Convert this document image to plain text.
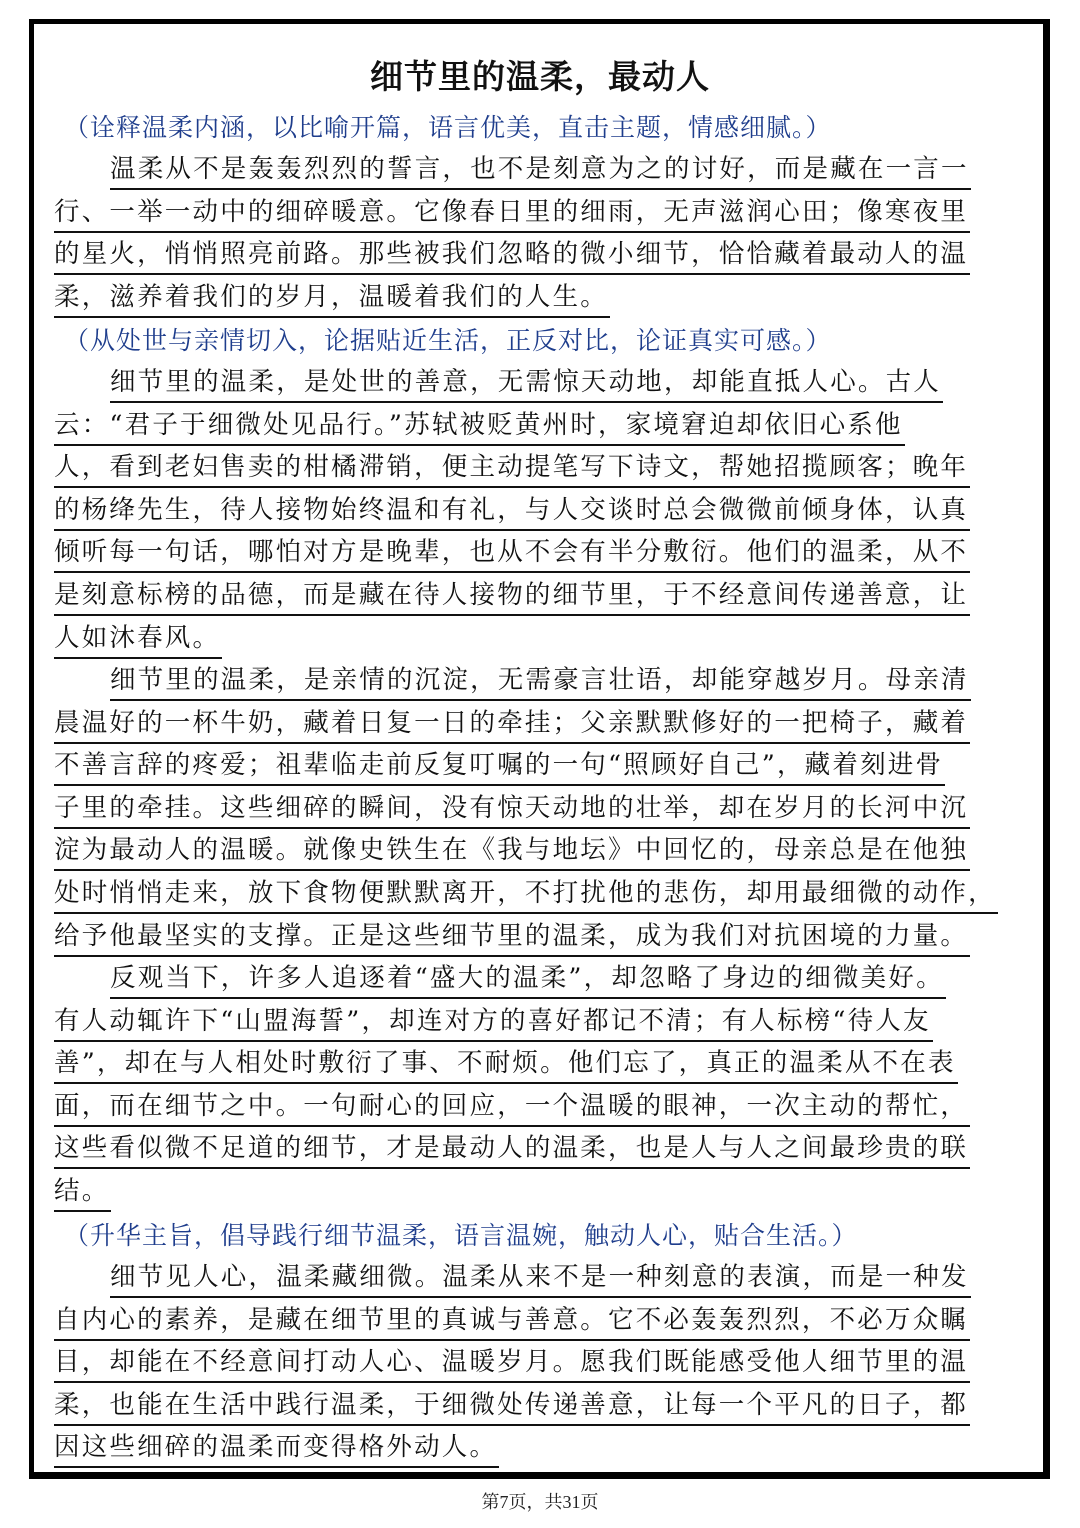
细节里的温柔，最动人
（诠释温柔内涵，以比喻开篇，语言优美，直击主题，情感细腻。）
温柔从不是轰轰烈烈的誓言，也不是刻意为之的讨好，而是藏在一言一
行、一举一动中的细碎暖意。它像春日里的细雨，无声滋润心田；像寒夜里
的星火，悄悄照亮前路。那些被我们忽略的微小细节，恰恰藏着最动人的温
柔，滋养着我们的岁月，温暖着我们的人生。
（从处世与亲情切入，论据贴近生活，正反对比，论证真实可感。）
细节里的温柔，是处世的善意，无需惊天动地，却能直抵人心。古人
云：“君子于细微处见品行。”苏轼被贬黄州时，家境窘迫却依旧心系他
人，看到老妇售卖的柑橘滞销，便主动提笔写下诗文，帮她招揽顾客；晚年
的杨绛先生，待人接物始终温和有礼，与人交谈时总会微微前倾身体，认真
倾听每一句话，哪怕对方是晚辈，也从不会有半分敷衍。他们的温柔，从不
是刻意标榜的品德，而是藏在待人接物的细节里，于不经意间传递善意，让
人如沐春风。
细节里的温柔，是亲情的沉淀，无需豪言壮语，却能穿越岁月。母亲清
晨温好的一杯牛奶，藏着日复一日的牵挂；父亲默默修好的一把椅子，藏着
不善言辞的疼爱；祖辈临走前反复叮嘱的一句“照顾好自己”，藏着刻进骨
子里的牵挂。这些细碎的瞬间，没有惊天动地的壮举，却在岁月的长河中沉
淀为最动人的温暖。就像史铁生在《我与地坛》中回忆的，母亲总是在他独
处时悄悄走来，放下食物便默默离开，不打扰他的悲伤，却用最细微的动作，
给予他最坚实的支撑。正是这些细节里的温柔，成为我们对抗困境的力量。
反观当下，许多人追逐着“盛大的温柔”，却忽略了身边的细微美好。
有人动辄许下“山盟海誓”，却连对方的喜好都记不清；有人标榜“待人友
善”，却在与人相处时敷衍了事、不耐烦。他们忘了，真正的温柔从不在表
面，而在细节之中。一句耐心的回应，一个温暖的眼神，一次主动的帮忙，
这些看似微不足道的细节，才是最动人的温柔，也是人与人之间最珍贵的联
结。
（升华主旨，倡导践行细节温柔，语言温婉，触动人心，贴合生活。）
细节见人心，温柔藏细微。温柔从来不是一种刻意的表演，而是一种发
自内心的素养，是藏在细节里的真诚与善意。它不必轰轰烈烈，不必万众瞩
目，却能在不经意间打动人心、温暖岁月。愿我们既能感受他人细节里的温
柔，也能在生活中践行温柔，于细微处传递善意，让每一个平凡的日子，都
因这些细碎的温柔而变得格外动人。
第7页，共31页
